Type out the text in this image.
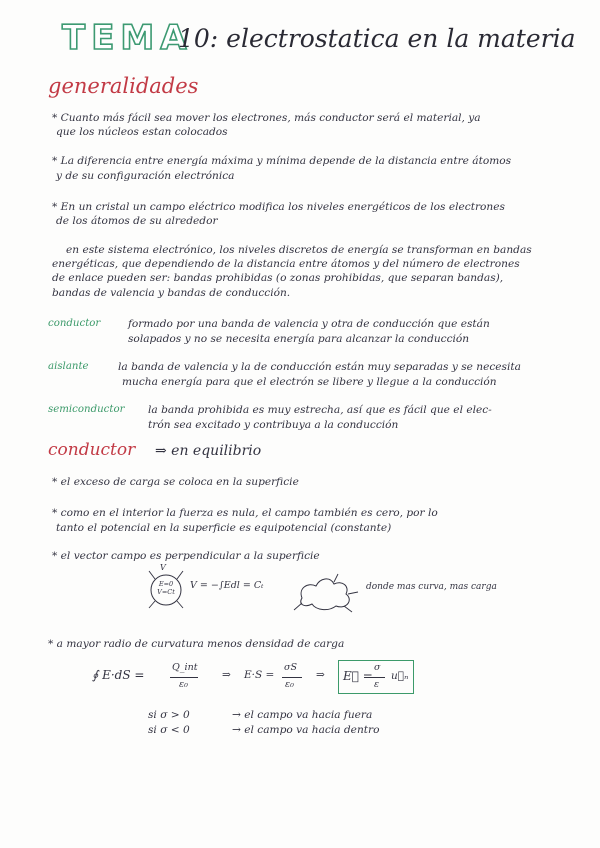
TEMA
10: electrostatica en la materia
generalidades
* Cuanto más fácil sea mover los electrones, más conductor será el material, ya
que los núcleos estan colocados
* La diferencia entre energía máxima y mínima depende de la distancia entre átomos
y de su configuración electrónica
* En un cristal un campo eléctrico modifica los niveles energéticos de los electrones
de los átomos de su alrededor
en este sistema electrónico, los niveles discretos de energía se transforman en bandas
energéticas, que dependiendo de la distancia entre átomos y del número de electrones
de enlace pueden ser: bandas prohibidas (o zonas prohibidas, que separan bandas),
bandas de valencia y bandas de conducción.
conductor	formado por una banda de valencia y otra de conducción que están
solapados y no se necesita energía para alcanzar la conducción
aislante	la banda de valencia y la de conducción están muy separadas y se necesita
mucha energía para que el electrón se libere y llegue a la conducción
semiconductor la banda prohibida es muy estrecha, así que es fácil que el elec-
trón sea excitado y contribuya a la conducción
conductor ⇒ en equilibrio
* el exceso de carga se coloca en la superficie
* como en el interior la fuerza es nula, el campo también es cero, por lo
tanto el potencial en la superficie es equipotencial (constante)
* el vector campo es perpendicular a la superficie
V
E=0 V=Ct
V = −∫Edl = Cₜ	donde mas curva, mas carga
* a mayor radio de curvatura menos densidad de carga
∮ E·dS =
Q_int
ε₀
⇒ E·S =
σS
ε₀
⇒ E⃗ =
σ
ε
u⃗ₙ
si σ > 0	→ el campo va hacia fuera
si σ < 0	→ el campo va hacia dentro
